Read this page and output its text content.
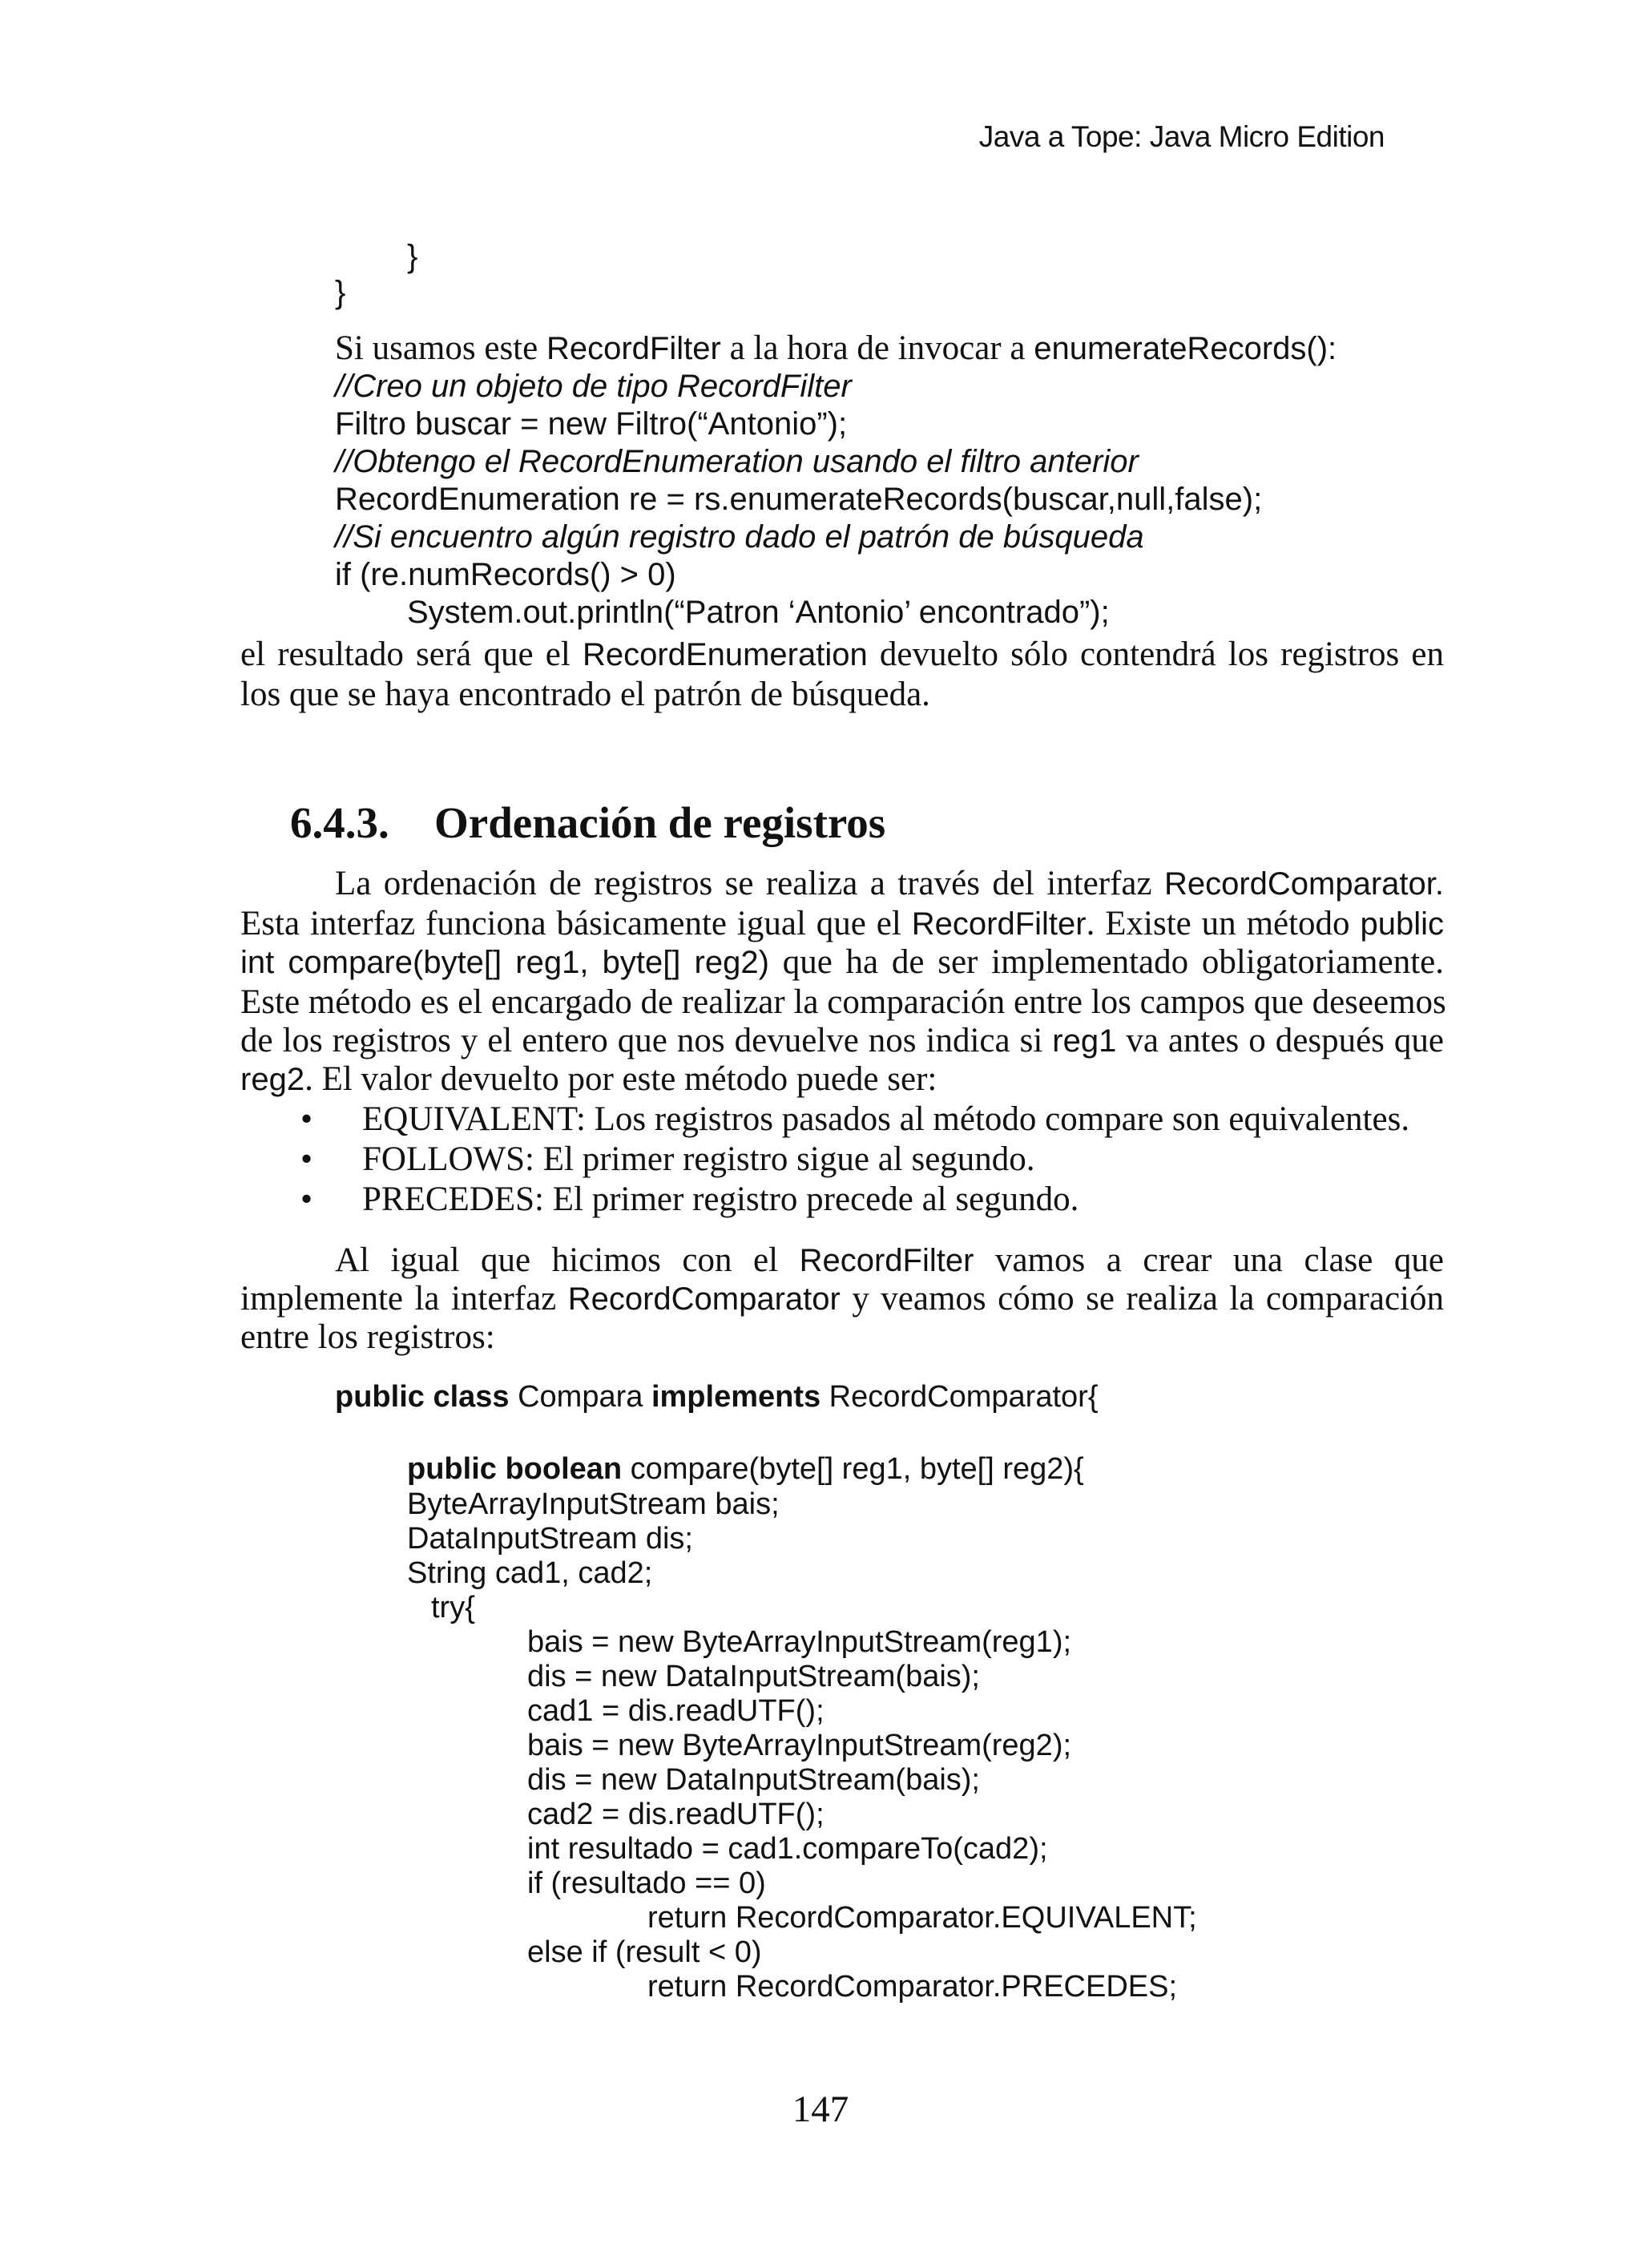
Java a Tope: Java Micro Edition
}
}
Si usamos este RecordFilter a la hora de invocar a enumerateRecords():
//Creo un objeto de tipo RecordFilter
Filtro buscar = new Filtro(“Antonio”);
//Obtengo el RecordEnumeration usando el filtro anterior
RecordEnumeration re = rs.enumerateRecords(buscar,null,false);
//Si encuentro algún registro dado el patrón de búsqueda
if (re.numRecords() > 0)
System.out.println(“Patron ‘Antonio’ encontrado”);
el resultado será que el RecordEnumeration devuelto sólo contendrá los registros en
los que se haya encontrado el patrón de búsqueda.
6.4.3. Ordenación de registros
La ordenación de registros se realiza a través del interfaz RecordComparator.
Esta interfaz funciona básicamente igual que el RecordFilter. Existe un método public
int compare(byte[] reg1, byte[] reg2) que ha de ser implementado obligatoriamente.
Este método es el encargado de realizar la comparación entre los campos que deseemos
de los registros y el entero que nos devuelve nos indica si reg1 va antes o después que
reg2. El valor devuelto por este método puede ser:
• EQUIVALENT: Los registros pasados al método compare son equivalentes.
• FOLLOWS: El primer registro sigue al segundo.
• PRECEDES: El primer registro precede al segundo.
Al igual que hicimos con el RecordFilter vamos a crear una clase que
implemente la interfaz RecordComparator y veamos cómo se realiza la comparación
entre los registros:
public class Compara implements RecordComparator{
public boolean compare(byte[] reg1, byte[] reg2){
ByteArrayInputStream bais;
DataInputStream dis;
String cad1, cad2;
try{
bais = new ByteArrayInputStream(reg1);
dis = new DataInputStream(bais);
cad1 = dis.readUTF();
bais = new ByteArrayInputStream(reg2);
dis = new DataInputStream(bais);
cad2 = dis.readUTF();
int resultado = cad1.compareTo(cad2);
if (resultado == 0)
return RecordComparator.EQUIVALENT;
else if (result < 0)
return RecordComparator.PRECEDES;
147
